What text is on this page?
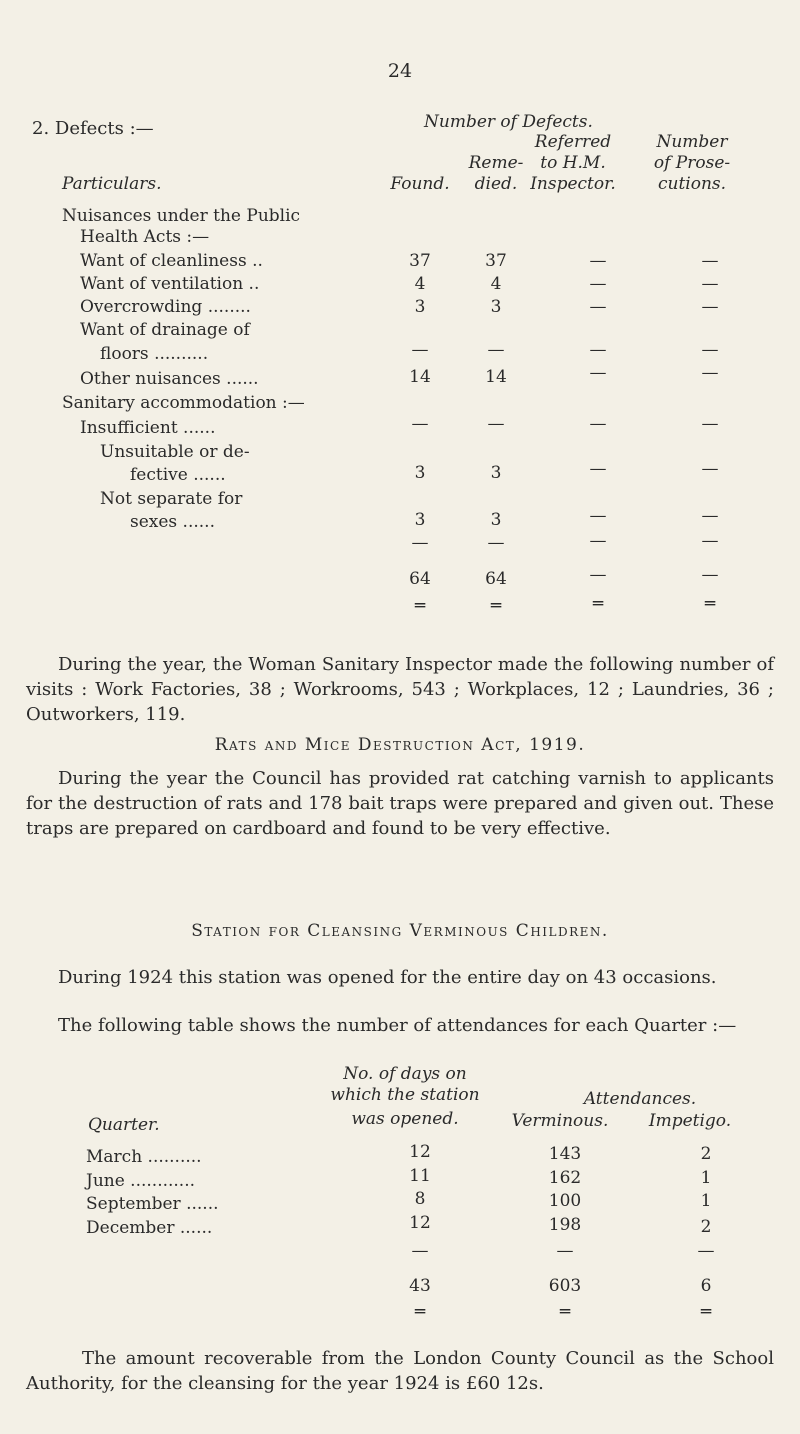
24
2. Defects :—	Number of Defects.
Referred	Number
Reme- to H.M.	of Prose-
Particulars.	Found.	died. Inspector.	cutions.
Nuisances under the Public
Health Acts :—
Want of cleanliness ..	37	37	—	—
Want of ventilation ..	4	4	—	—
Overcrowding ........	3	3	—	—
Want of drainage of
floors ..........	—	—	—	—
Other nuisances ......	14	14	—	—
Sanitary accommodation :—
Insufficient ......	—	—	—	—
Unsuitable or de-
fective ......	3	3	—	—
Not separate for
sexes ......	3	3	—	—
—	—	—	—
64	64	—	—
═	═	═	═
During the year, the Woman Sanitary Inspector made the following number of visits : Work Factories, 38 ; Workrooms, 543 ; Workplaces, 12 ; Laundries, 36 ; Outworkers, 119.
Rats and Mice Destruction Act, 1919.
During the year the Council has provided rat catching varnish to applicants for the destruction of rats and 178 bait traps were prepared and given out. These traps are prepared on cardboard and found to be very effective.
Station for Cleansing Verminous Children.
During 1924 this station was opened for the entire day on 43 occasions.
The following table shows the number of attendances for each Quarter :—
No. of days on
which the station	Attendances.
Quarter.	was opened.	Verminous.	Impetigo.
March ..........	12	143	2
June ............	11	162	1
September ......	8	100	1
December ......	12	198	2
—	—	—
43	603	6
═	═	═
The amount recoverable from the London County Council as the School Authority, for the cleansing for the year 1924 is £60 12s.
